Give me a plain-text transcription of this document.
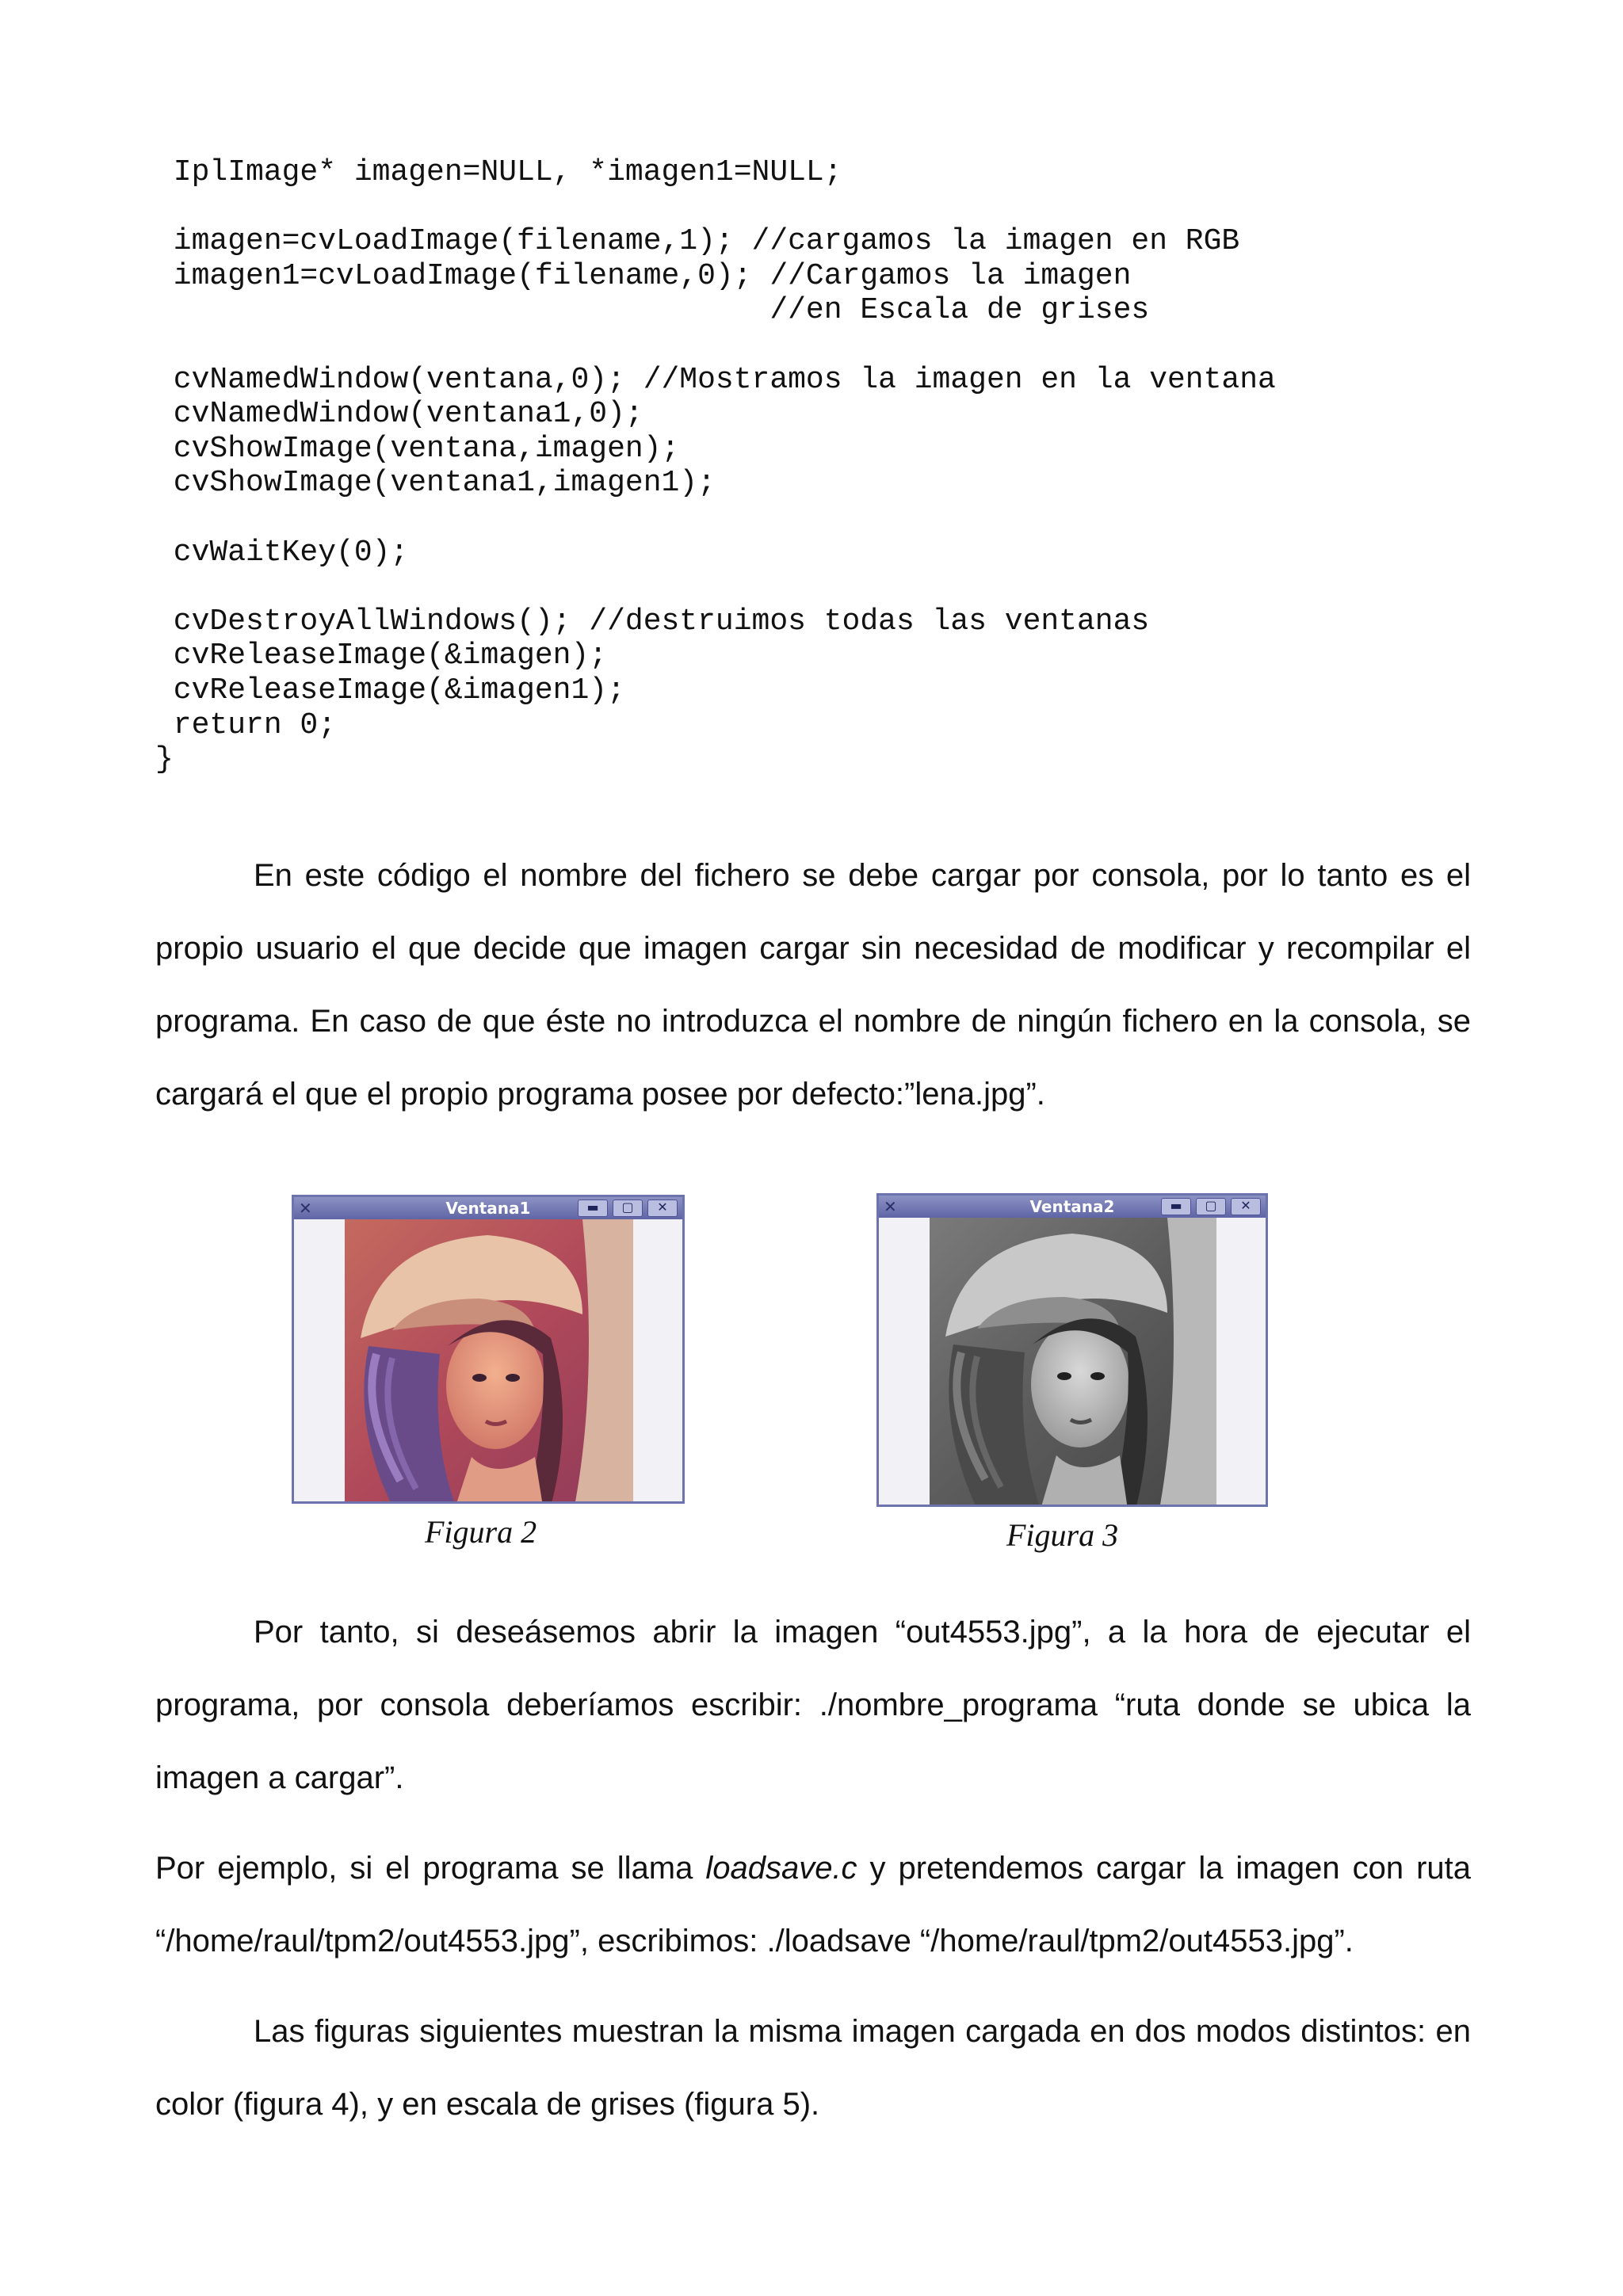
IplImage* imagen=NULL, *imagen1=NULL;

imagen=cvLoadImage(filename,1); //cargamos la imagen en RGB
imagen1=cvLoadImage(filename,0); //Cargamos la imagen
//en Escala de grises

cvNamedWindow(ventana,0); //Mostramos la imagen en la ventana
cvNamedWindow(ventana1,0);
cvShowImage(ventana,imagen);
cvShowImage(ventana1,imagen1);

cvWaitKey(0);

cvDestroyAllWindows(); //destruimos todas las ventanas
cvReleaseImage(&imagen);
cvReleaseImage(&imagen1);
return 0;
}

En este código el nombre del fichero se debe cargar por consola, por lo tanto es el propio usuario el que decide que imagen cargar sin necesidad de modificar y recompilar el programa. En caso de que éste no introduzca el nombre de ningún fichero en la consola, se cargará el que el propio programa posee por defecto:”lena.jpg”.

✕	Ventana1	▬	▢	✕
Figura 2
✕	Ventana2	▬	▢	✕
Figura 3

Por tanto, si deseásemos abrir la imagen “out4553.jpg”, a la hora de ejecutar el programa, por consola deberíamos escribir: ./nombre_programa “ruta donde se ubica la imagen a cargar”.

Por ejemplo, si el programa se llama loadsave.c y pretendemos cargar la imagen con ruta “/home/raul/tpm2/out4553.jpg”, escribimos: ./loadsave “/home/raul/tpm2/out4553.jpg”.

Las figuras siguientes muestran la misma imagen cargada en dos modos distintos: en color (figura 4), y en escala de grises (figura 5).
